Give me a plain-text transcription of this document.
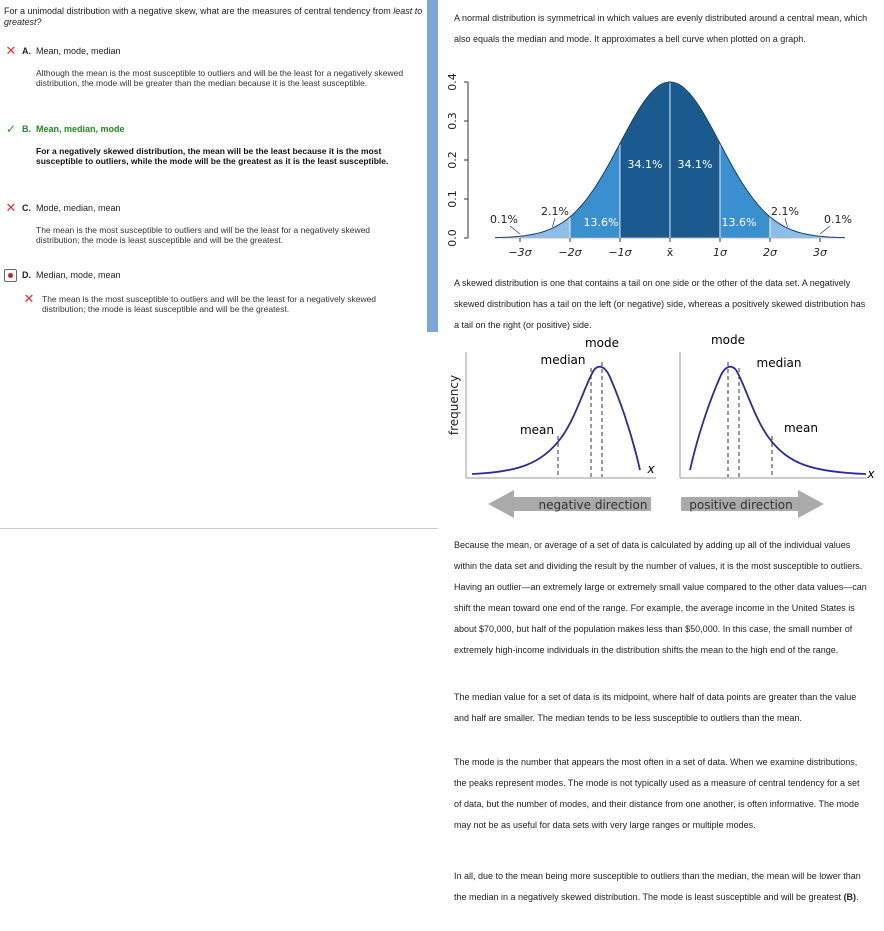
For a unimodal distribution with a negative skew, what are the measures of central tendency from least to greatest?
✕ A. Mean, mode, median
Although the mean is the most susceptible to outliers and will be the least for a negatively skewed distribution, the mode will be greater than the median because it is the least susceptible.
✓ B. Mean, median, mode
For a negatively skewed distribution, the mean will be the least because it is the most susceptible to outliers, while the mode will be the greatest as it is the least susceptible.
✕ C. Mode, median, mean
The mean is the most susceptible to outliers and will be the least for a negatively skewed distribution; the mode is least susceptible and will be the greatest.
D. Median, mode, mean
✕ The mean is the most susceptible to outliers and will be the least for a negatively skewed distribution; the mode is least susceptible and will be the greatest.
A normal distribution is symmetrical in which values are evenly distributed around a central mean, which also equals the median and mode. It approximates a bell curve when plotted on a graph.
0.0
0.1
0.2
0.3
0.4
−3σ −2σ −1σ	x̄	1σ	2σ	3σ
34.1% 34.1%
13.6%	13.6%
2.1%	2.1%
0.1%	0.1%
A skewed distribution is one that contains a tail on one side or the other of the data set. A negatively skewed distribution has a tail on the left (or negative) side, whereas a positively skewed distribution has a tail on the right (or positive) side.
frequency
mode
median
mean
x
mode
median
mean
x
negative direction	positive direction
Because the mean, or average of a set of data is calculated by adding up all of the individual values within the data set and dividing the result by the number of values, it is the most susceptible to outliers. Having an outlier—an extremely large or extremely small value compared to the other data values—can shift the mean toward one end of the range. For example, the average income in the United States is about $70,000, but half of the population makes less than $50,000. In this case, the small number of extremely high-income individuals in the distribution shifts the mean to the high end of the range.
The median value for a set of data is its midpoint, where half of data points are greater than the value and half are smaller. The median tends to be less susceptible to outliers than the mean.
The mode is the number that appears the most often in a set of data. When we examine distributions, the peaks represent modes. The mode is not typically used as a measure of central tendency for a set of data, but the number of modes, and their distance from one another, is often informative. The mode may not be as useful for data sets with very large ranges or multiple modes.
In all, due to the mean being more susceptible to outliers than the median, the mean will be lower than the median in a negatively skewed distribution. The mode is least susceptible and will be greatest (B).
